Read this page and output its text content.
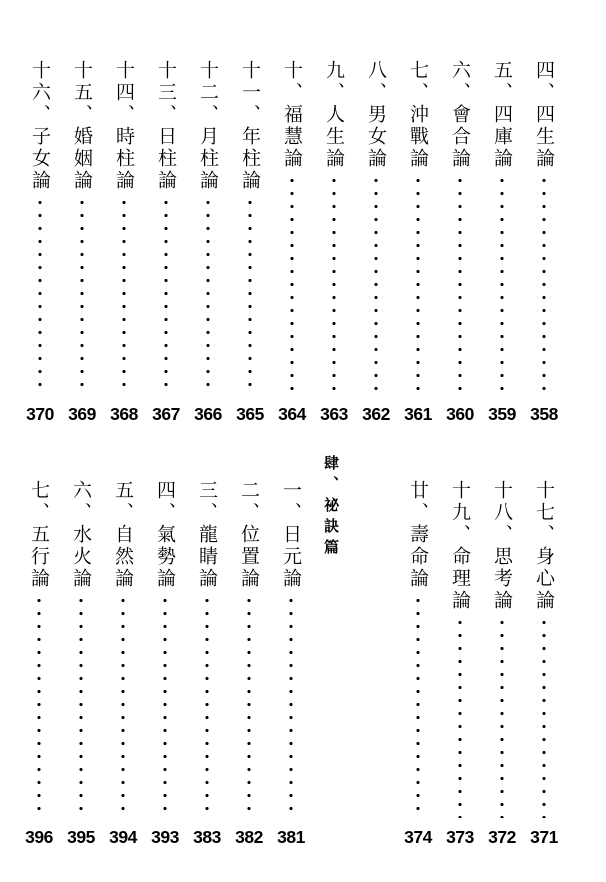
四、四生論
358
五、四庫論
359
六、會合論
360
七、沖戰論
361
八、男女論
362
九、人生論
363
十、福慧論
364
十一、年柱論
365
十二、月柱論
366
十三、日柱論
367
十四、時柱論
368
十五、婚姻論
369
十六、子女論
370
十七、身心論
371
十八、思考論
372
十九、命理論
373
廿、壽命論
374
肆、祕訣篇
一、日元論
381
二、位置論
382
三、龍睛論
383
四、氣勢論
393
五、自然論
394
六、水火論
395
七、五行論
396
